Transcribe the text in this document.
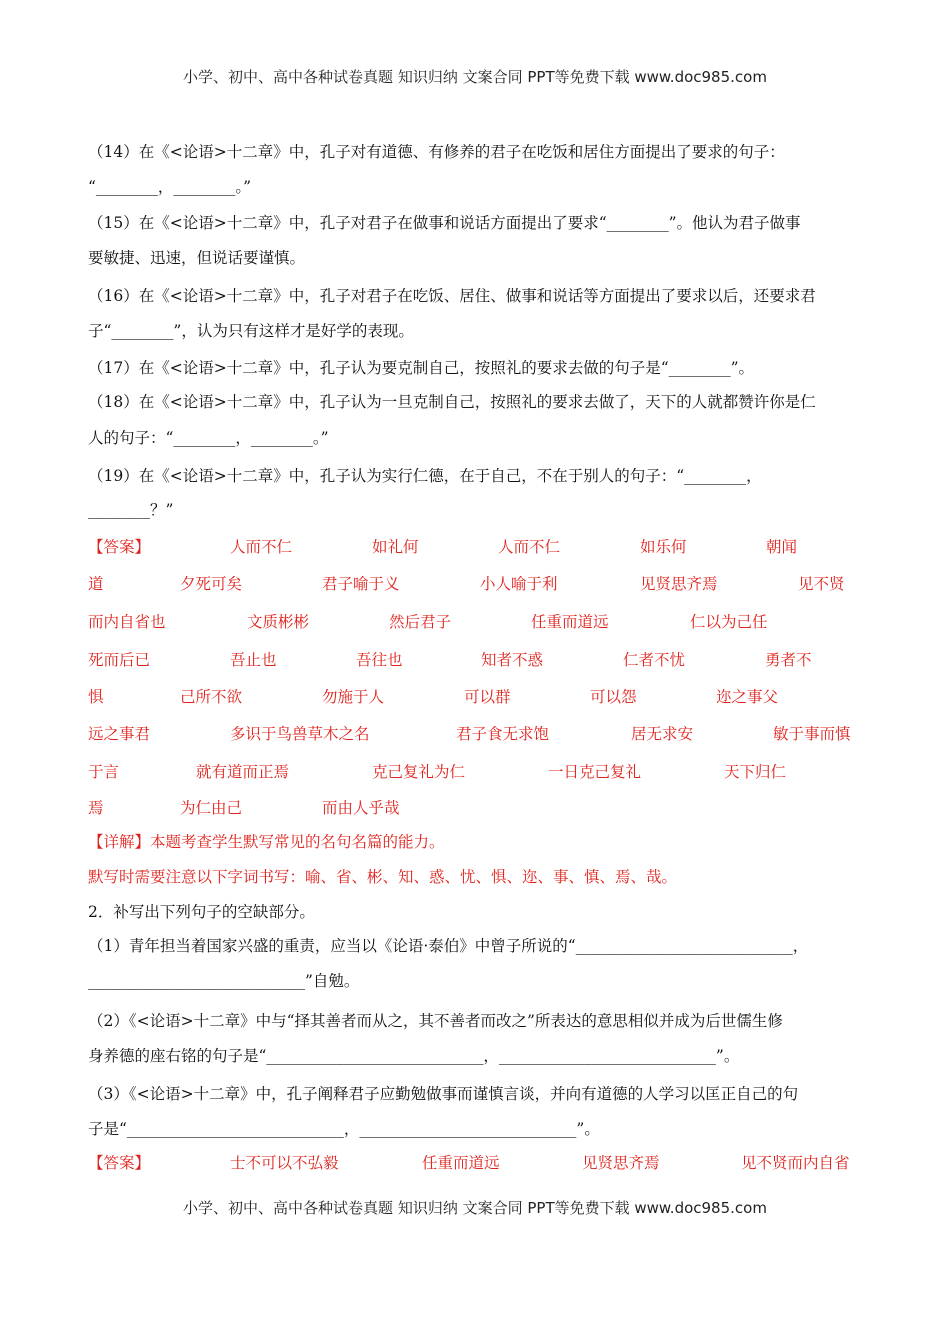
小学、初中、高中各种试卷真题 知识归纳 文案合同 PPT等免费下载 www.doc985.com
（14）在《<论语>十二章》中，孔子对有道德、有修养的君子在吃饭和居住方面提出了要求的句子：
“________，________。”
（15）在《<论语>十二章》中，孔子对君子在做事和说话方面提出了要求“________”。他认为君子做事
要敏捷、迅速，但说话要谨慎。
（16）在《<论语>十二章》中，孔子对君子在吃饭、居住、做事和说话等方面提出了要求以后，还要求君
子“________”，认为只有这样才是好学的表现。
（17）在《<论语>十二章》中，孔子认为要克制自己，按照礼的要求去做的句子是“________”。
（18）在《<论语>十二章》中，孔子认为一旦克制自己，按照礼的要求去做了，天下的人就都赞许你是仁
人的句子：“________，________。”
（19）在《<论语>十二章》中，孔子认为实行仁德，在于自己，不在于别人的句子：“________，
________？”
【答案】	人而不仁	如礼何	人而不仁	如乐何	朝闻
道	夕死可矣	君子喻于义	小人喻于利	见贤思齐焉	见不贤
而内自省也	文质彬彬	然后君子	任重而道远	仁以为己任
死而后已	吾止也	吾往也	知者不惑	仁者不忧	勇者不
惧	己所不欲	勿施于人	可以群	可以怨	迩之事父
远之事君	多识于鸟兽草木之名	君子食无求饱	居无求安	敏于事而慎
于言	就有道而正焉	克己复礼为仁	一日克己复礼	天下归仁
焉	为仁由己	而由人乎哉
【详解】本题考查学生默写常见的名句名篇的能力。
默写时需要注意以下字词书写：喻、省、彬、知、惑、忧、惧、迩、事、慎、焉、哉。
2．补写出下列句子的空缺部分。
（1）青年担当着国家兴盛的重责，应当以《论语·泰伯》中曾子所说的“____________________________，
____________________________”自勉。
（2）《<论语>十二章》中与“择其善者而从之，其不善者而改之”所表达的意思相似并成为后世儒生修
身养德的座右铭的句子是“____________________________，____________________________”。
（3）《<论语>十二章》中，孔子阐释君子应勤勉做事而谨慎言谈，并向有道德的人学习以匡正自己的句
子是“____________________________，____________________________”。
【答案】	士不可以不弘毅	任重而道远	见贤思齐焉	见不贤而内自省
小学、初中、高中各种试卷真题 知识归纳 文案合同 PPT等免费下载 www.doc985.com
